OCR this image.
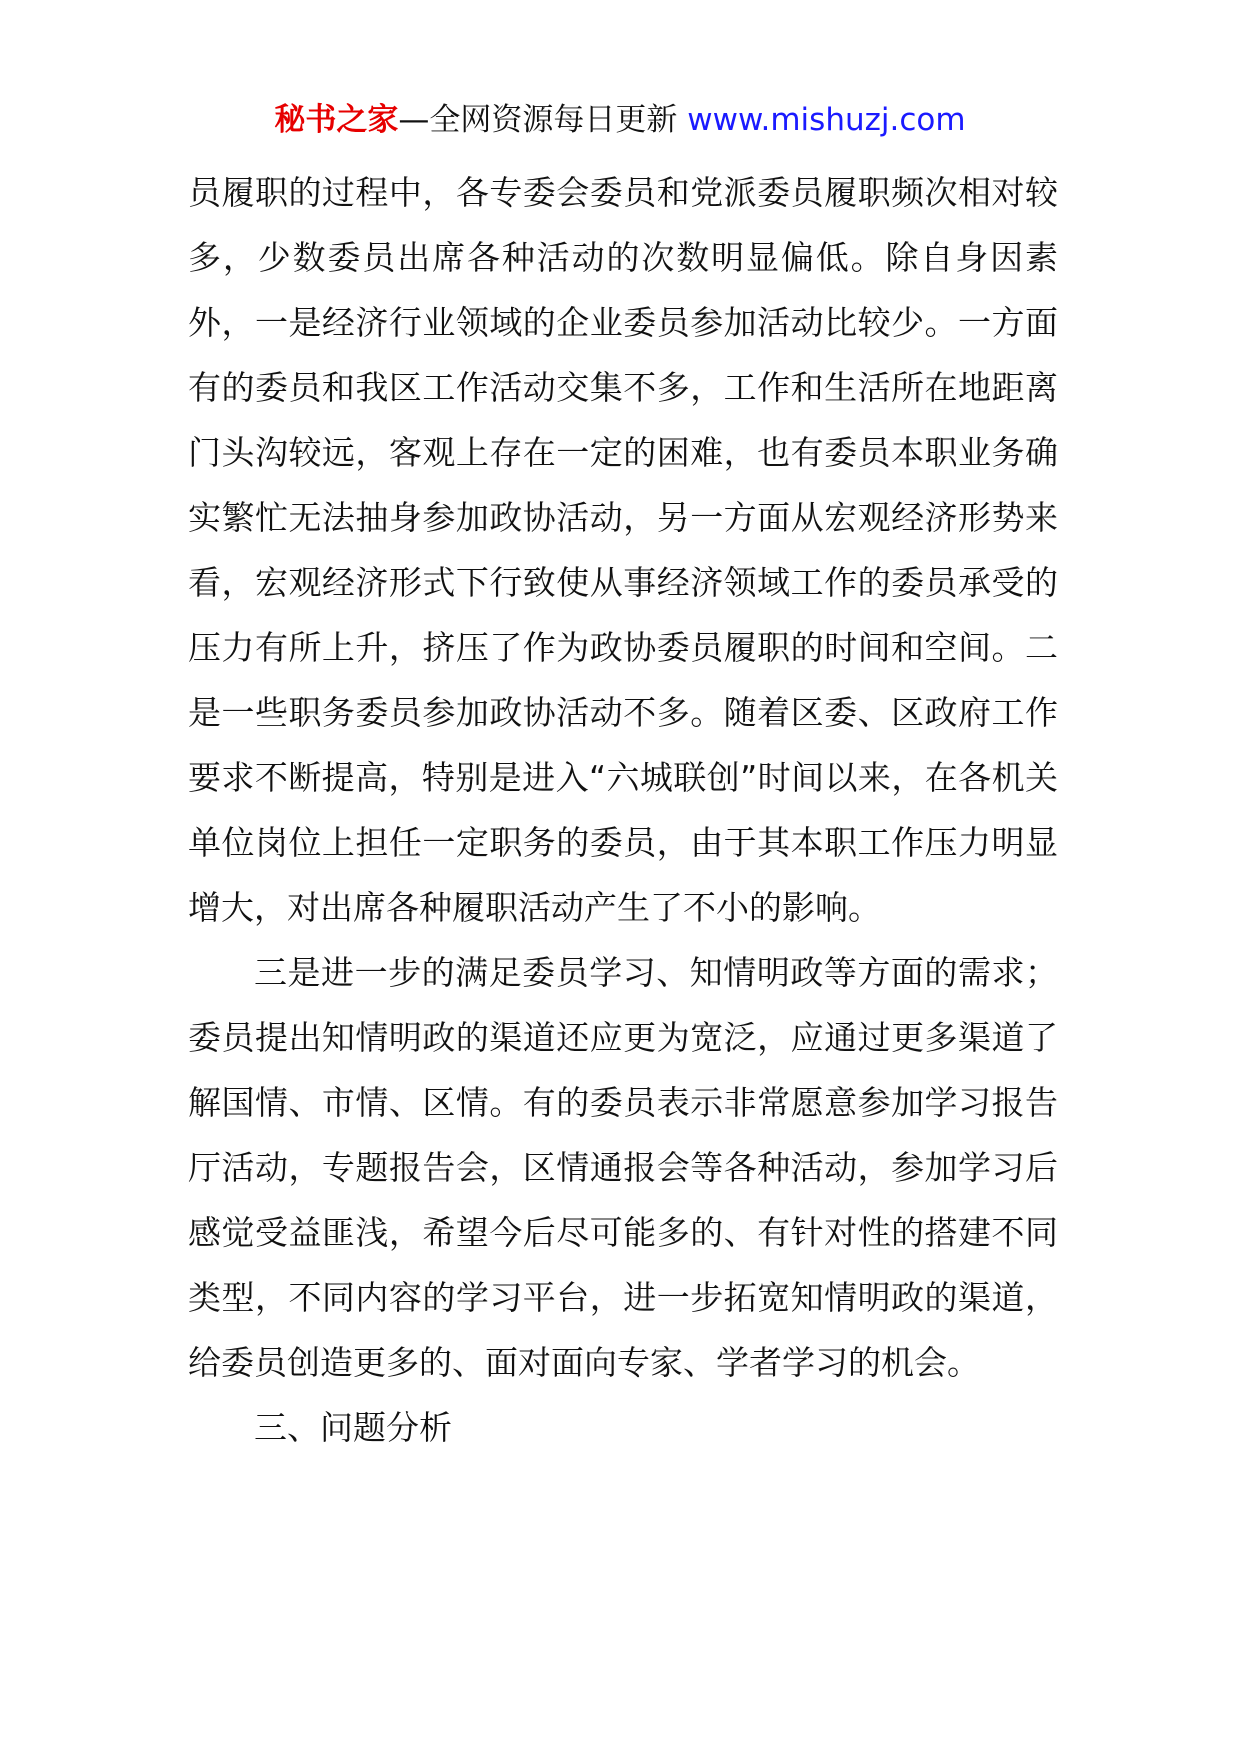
秘书之家—全网资源每日更新 www.mishuzj.com

员履职的过程中，各专委会委员和党派委员履职频次相对较多，少数委员出席各种活动的次数明显偏低。除自身因素外，一是经济行业领域的企业委员参加活动比较少。一方面有的委员和我区工作活动交集不多，工作和生活所在地距离门头沟较远，客观上存在一定的困难，也有委员本职业务确实繁忙无法抽身参加政协活动，另一方面从宏观经济形势来看，宏观经济形式下行致使从事经济领域工作的委员承受的压力有所上升，挤压了作为政协委员履职的时间和空间。二是一些职务委员参加政协活动不多。随着区委、区政府工作要求不断提高，特别是进入“六城联创”时间以来，在各机关单位岗位上担任一定职务的委员，由于其本职工作压力明显增大，对出席各种履职活动产生了不小的影响。

三是进一步的满足委员学习、知情明政等方面的需求；委员提出知情明政的渠道还应更为宽泛，应通过更多渠道了解国情、市情、区情。有的委员表示非常愿意参加学习报告厅活动，专题报告会，区情通报会等各种活动，参加学习后感觉受益匪浅，希望今后尽可能多的、有针对性的搭建不同类型，不同内容的学习平台，进一步拓宽知情明政的渠道，给委员创造更多的、面对面向专家、学者学习的机会。

三、问题分析
